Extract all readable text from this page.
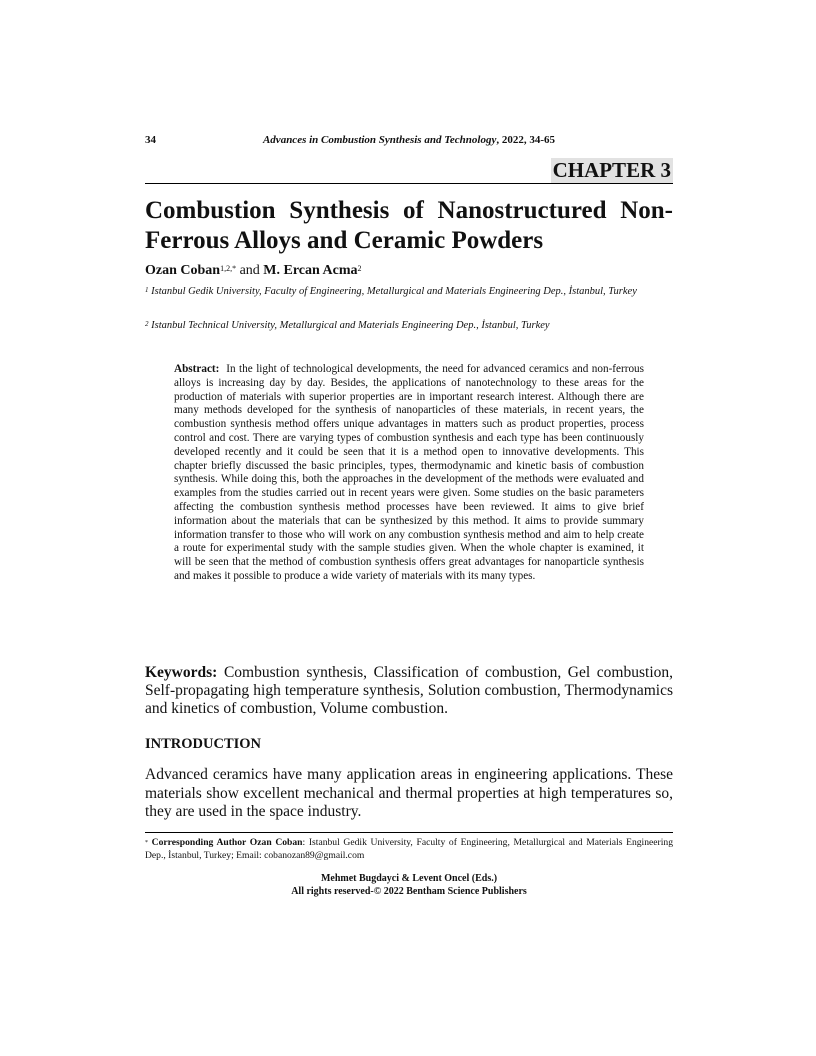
34	Advances in Combustion Synthesis and Technology, 2022, 34-65
CHAPTER 3
Combustion Synthesis of Nanostructured Non-Ferrous Alloys and Ceramic Powders
Ozan Coban$^{1,2,*}$ and M. Ercan Acma$^2$
$^1$ Istanbul Gedik University, Faculty of Engineering, Metallurgical and Materials Engineering Dep., İstanbul, Turkey
$^2$ Istanbul Technical University, Metallurgical and Materials Engineering Dep., İstanbul, Turkey
Abstract: In the light of technological developments, the need for advanced ceramics and non-ferrous alloys is increasing day by day. Besides, the applications of nanotechnology to these areas for the production of materials with superior properties are in important research interest. Although there are many methods developed for the synthesis of nanoparticles of these materials, in recent years, the combustion synthesis method offers unique advantages in matters such as product properties, process control and cost. There are varying types of combustion synthesis and each type has been continuously developed recently and it could be seen that it is a method open to innovative developments. This chapter briefly discussed the basic principles, types, thermodynamic and kinetic basis of combustion synthesis. While doing this, both the approaches in the development of the methods were evaluated and examples from the studies carried out in recent years were given. Some studies on the basic parameters affecting the combustion synthesis method processes have been reviewed. It aims to give brief information about the materials that can be synthesized by this method. It aims to provide summary information transfer to those who will work on any combustion synthesis method and aim to help create a route for experimental study with the sample studies given. When the whole chapter is examined, it will be seen that the method of combustion synthesis offers great advantages for nanoparticle synthesis and makes it possible to produce a wide variety of materials with its many types.
Keywords: Combustion synthesis, Classification of combustion, Gel combustion, Self-propagating high temperature synthesis, Solution combustion, Thermodynamics and kinetics of combustion, Volume combustion.
INTRODUCTION
Advanced ceramics have many application areas in engineering applications. These materials show excellent mechanical and thermal properties at high temperatures so, they are used in the space industry.
* Corresponding Author Ozan Coban: Istanbul Gedik University, Faculty of Engineering, Metallurgical and Materials Engineering Dep., İstanbul, Turkey; Email: cobanozan89@gmail.com
Mehmet Bugdayci & Levent Oncel (Eds.)
All rights reserved-© 2022 Bentham Science Publishers
